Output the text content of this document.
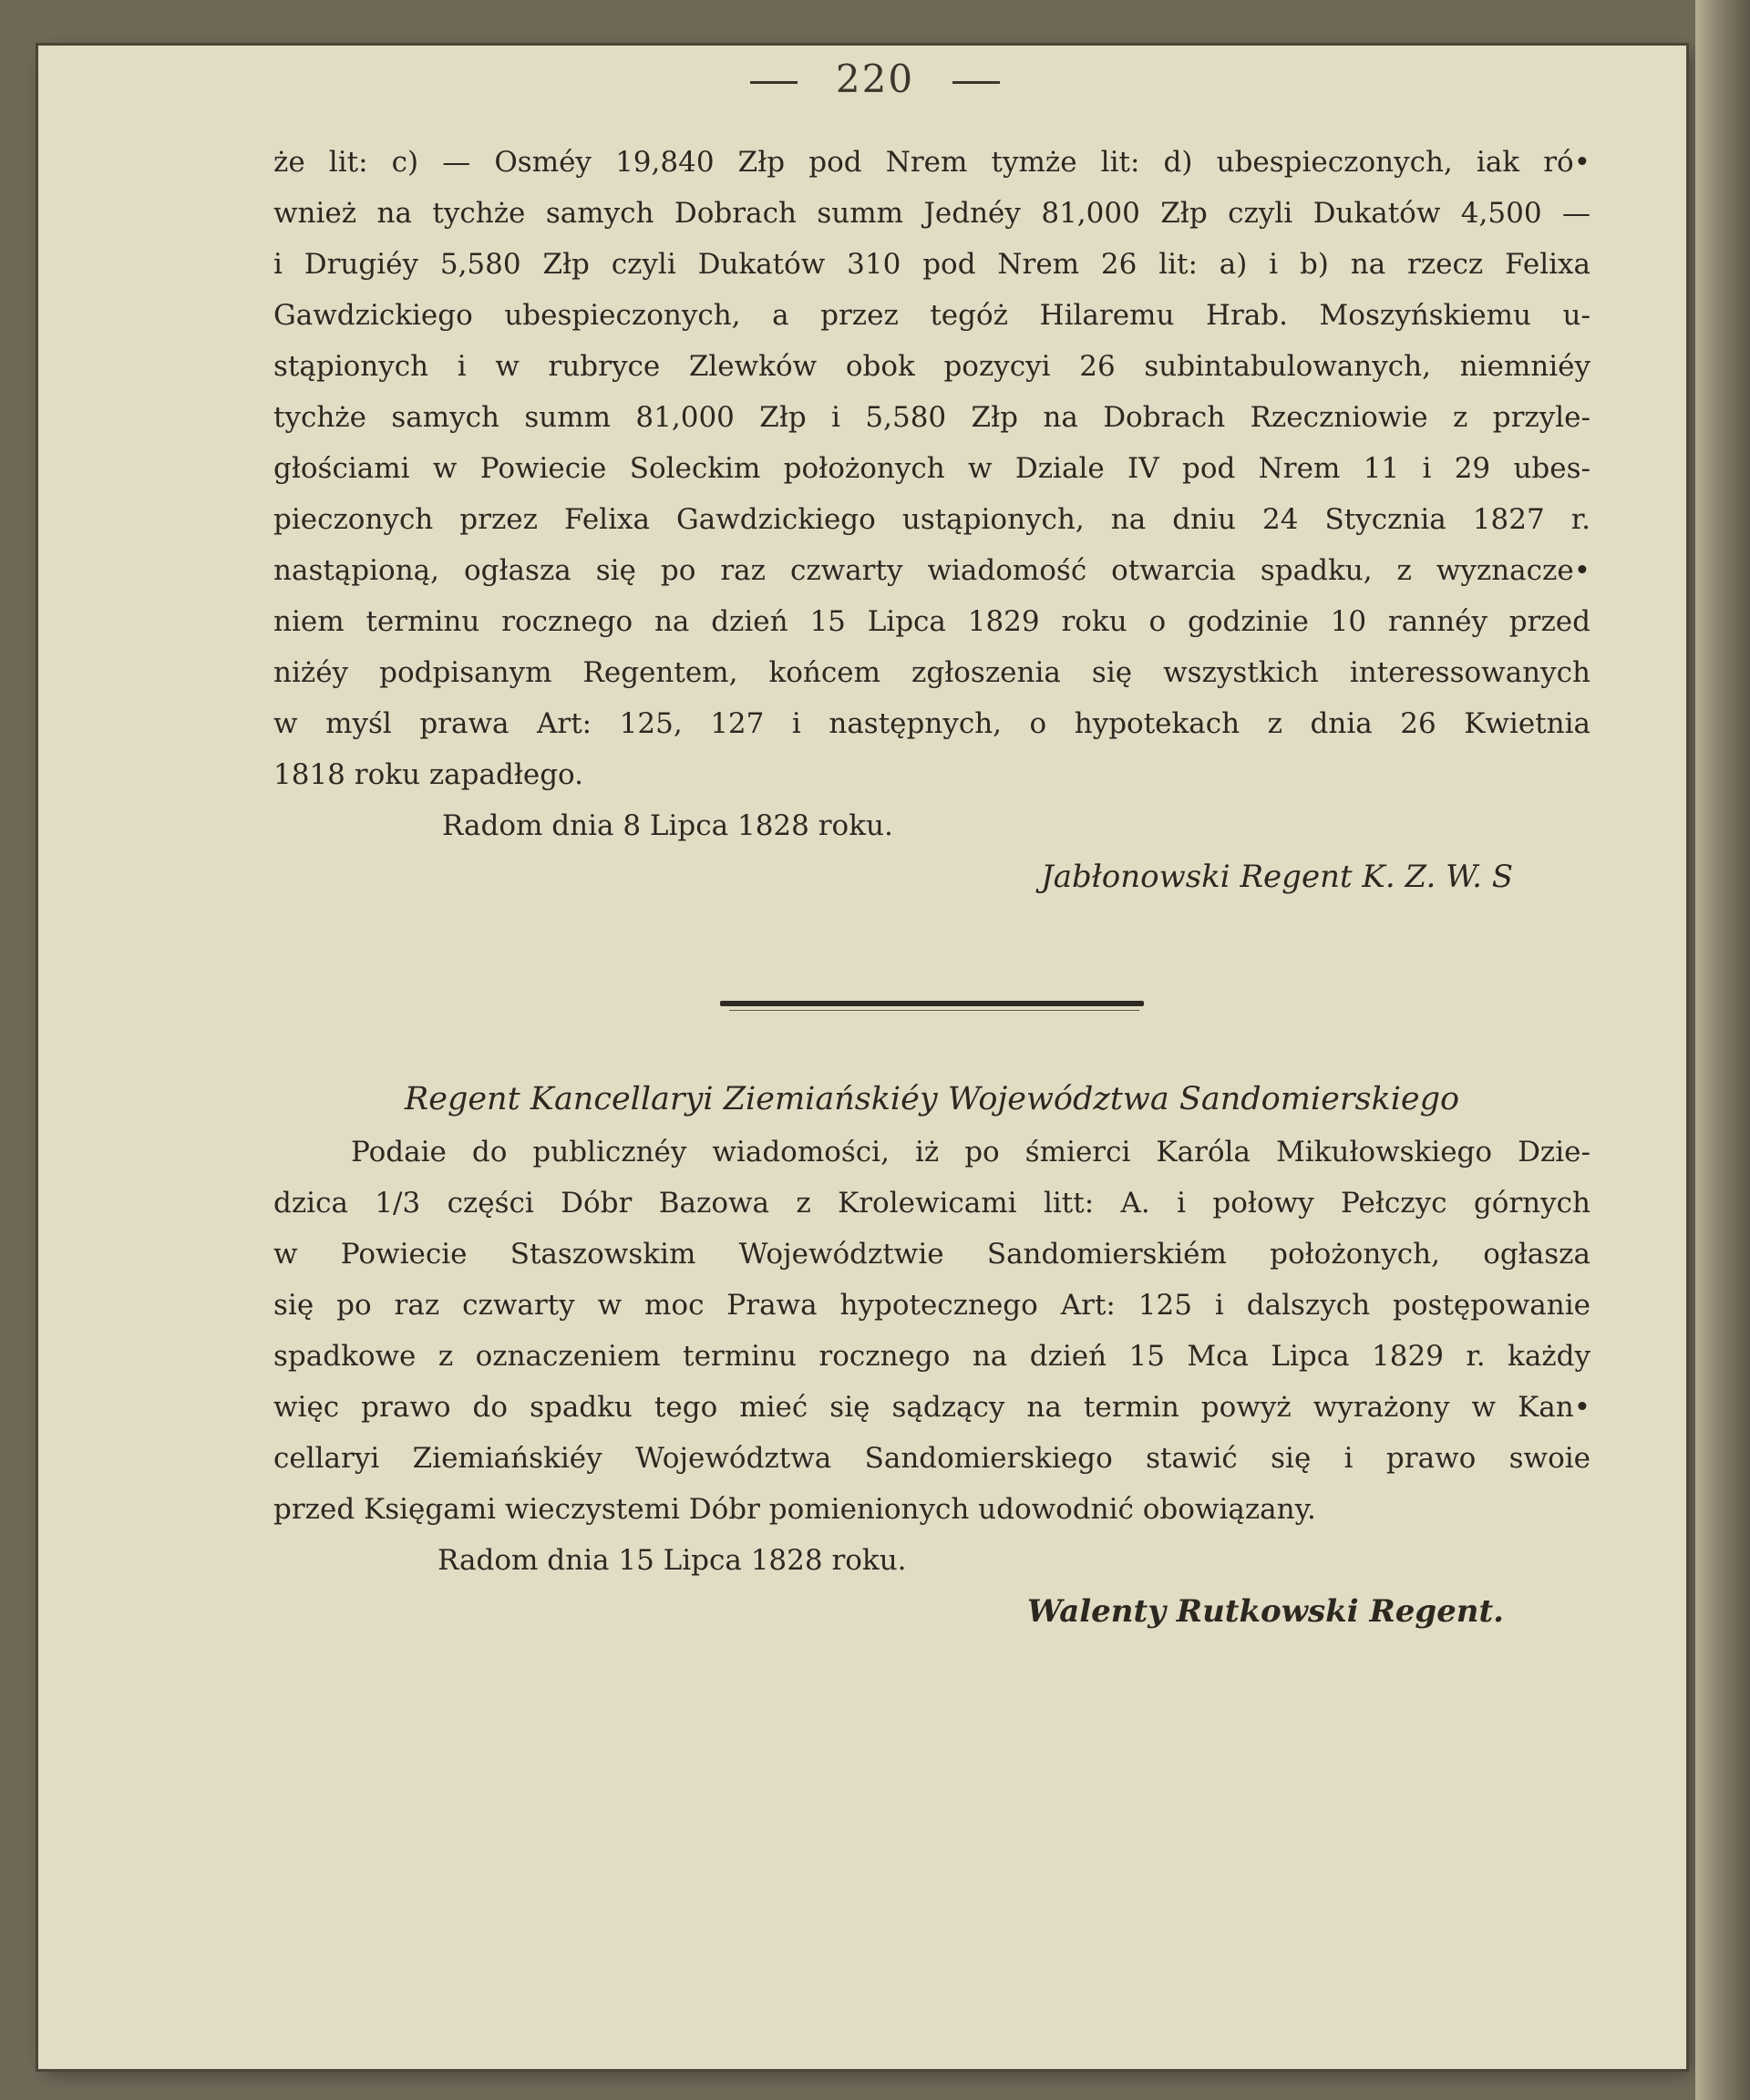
220
że lit: c) — Osméy 19,840 Złp pod Nrem tymże lit: d) ubespieczonych, iak ró•
wnież na tychże samych Dobrach summ Jednéy 81,000 Złp czyli Dukatów 4,500 —
i Drugiéy 5,580 Złp czyli Dukatów 310 pod Nrem 26 lit: a) i b) na rzecz Felixa
Gawdzickiego ubespieczonych, a przez tegóż Hilaremu Hrab. Moszyńskiemu u-
stąpionych i w rubryce Zlewków obok pozycyi 26 subintabulowanych, niemniéy
tychże samych summ 81,000 Złp i 5,580 Złp na Dobrach Rzeczniowie z przyle-
głościami w Powiecie Soleckim położonych w Dziale IV pod Nrem 11 i 29 ubes-
pieczonych przez Felixa Gawdzickiego ustąpionych, na dniu 24 Stycznia 1827 r.
nastąpioną, ogłasza się po raz czwarty wiadomość otwarcia spadku, z wyznacze•
niem terminu rocznego na dzień 15 Lipca 1829 roku o godzinie 10 rannéy przed
niżéy podpisanym Regentem, końcem zgłoszenia się wszystkich interessowanych
w myśl prawa Art: 125, 127 i następnych, o hypotekach z dnia 26 Kwietnia
1818 roku zapadłego.
Radom dnia 8 Lipca 1828 roku.
Jabłonowski Regent K. Z. W. S
Regent Kancellaryi Ziemiańskiéy Województwa Sandomierskiego
Podaie do publicznéy wiadomości, iż po śmierci Karóla Mikułowskiego Dzie-
dzica 1/3 części Dóbr Bazowa z Krolewicami litt: A. i połowy Pełczyc górnych
w Powiecie Staszowskim Województwie Sandomierskiém położonych, ogłasza
się po raz czwarty w moc Prawa hypotecznego Art: 125 i dalszych postępowanie
spadkowe z oznaczeniem terminu rocznego na dzień 15 Mca Lipca 1829 r. każdy
więc prawo do spadku tego mieć się sądzący na termin powyż wyrażony w Kan•
cellaryi Ziemiańskiéy Województwa Sandomierskiego stawić się i prawo swoie
przed Księgami wieczystemi Dóbr pomienionych udowodnić obowiązany.
Radom dnia 15 Lipca 1828 roku.
Walenty Rutkowski Regent.
